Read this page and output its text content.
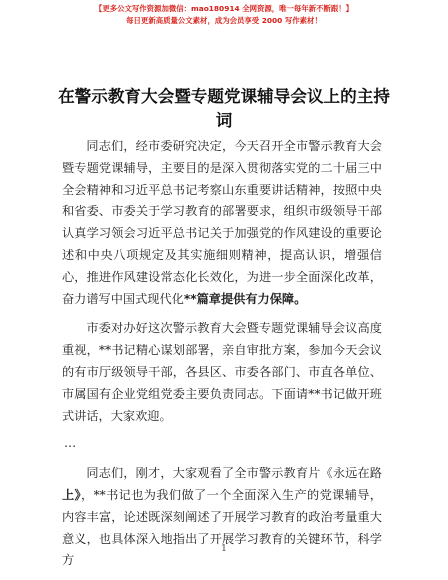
【更多公文写作资源加微信：mao180914 全网资源，唯一每年新不断跟！】
每日更新高质量公文素材，成为会员享受 2000 写作素材！
在警示教育大会暨专题党课辅导会议上的主持词

同志们，经市委研究决定，今天召开全市警示教育大会暨专题党课辅导，主要目的是深入贯彻落实党的二十届三中全会精神和习近平总书记考察山东重要讲话精神，按照中央和省委、市委关于学习教育的部署要求，组织市级领导干部认真学习领会习近平总书记关于加强党的作风建设的重要论述和中央八项规定及其实施细则精神，提高认识，增强信心，推进作风建设常态化长效化，为进一步全面深化改革，奋力谱写中国式现代化**篇章提供有力保障。

市委对办好这次警示教育大会暨专题党课辅导会议高度重视，**书记精心谋划部署，亲自审批方案，参加今天会议的有市厅级领导干部，各县区、市委各部门、市直各单位、市属国有企业党组党委主要负责同志。下面请**书记做开班式讲话，大家欢迎。

…

同志们，刚才，大家观看了全市警示教育片《永远在路上》，**书记也为我们做了一个全面深入生产的党课辅导，内容丰富，论述既深刻阐述了开展学习教育的政治考量重大意义，也具体深入地指出了开展学习教育的关键环节，科学方

1
